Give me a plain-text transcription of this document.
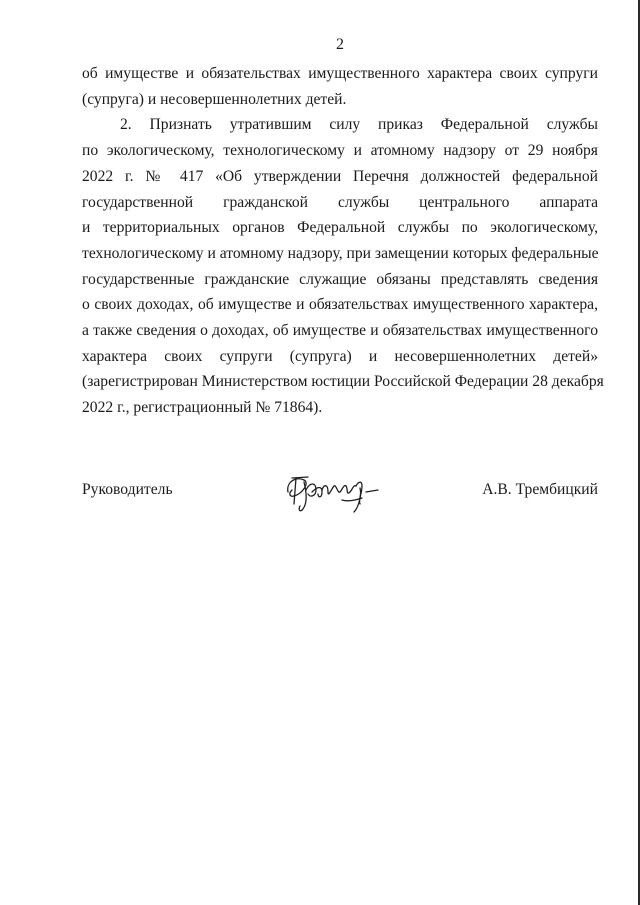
2
об имуществе и обязательствах имущественного характера своих супруги
(супруга) и несовершеннолетних детей.
2. Признать утратившим силу приказ Федеральной службы
по экологическому, технологическому и атомному надзору от 29 ноября
2022 г. № 417 «Об утверждении Перечня должностей федеральной
государственной гражданской службы центрального аппарата
и территориальных органов Федеральной службы по экологическому,
технологическому и атомному надзору, при замещении которых федеральные
государственные гражданские служащие обязаны представлять сведения
о своих доходах, об имуществе и обязательствах имущественного характера,
а также сведения о доходах, об имуществе и обязательствах имущественного
характера своих супруги (супруга) и несовершеннолетних детей»
(зарегистрирован Министерством юстиции Российской Федерации 28 декабря
2022 г., регистрационный № 71864).
Руководитель	А.В. Трембицкий
